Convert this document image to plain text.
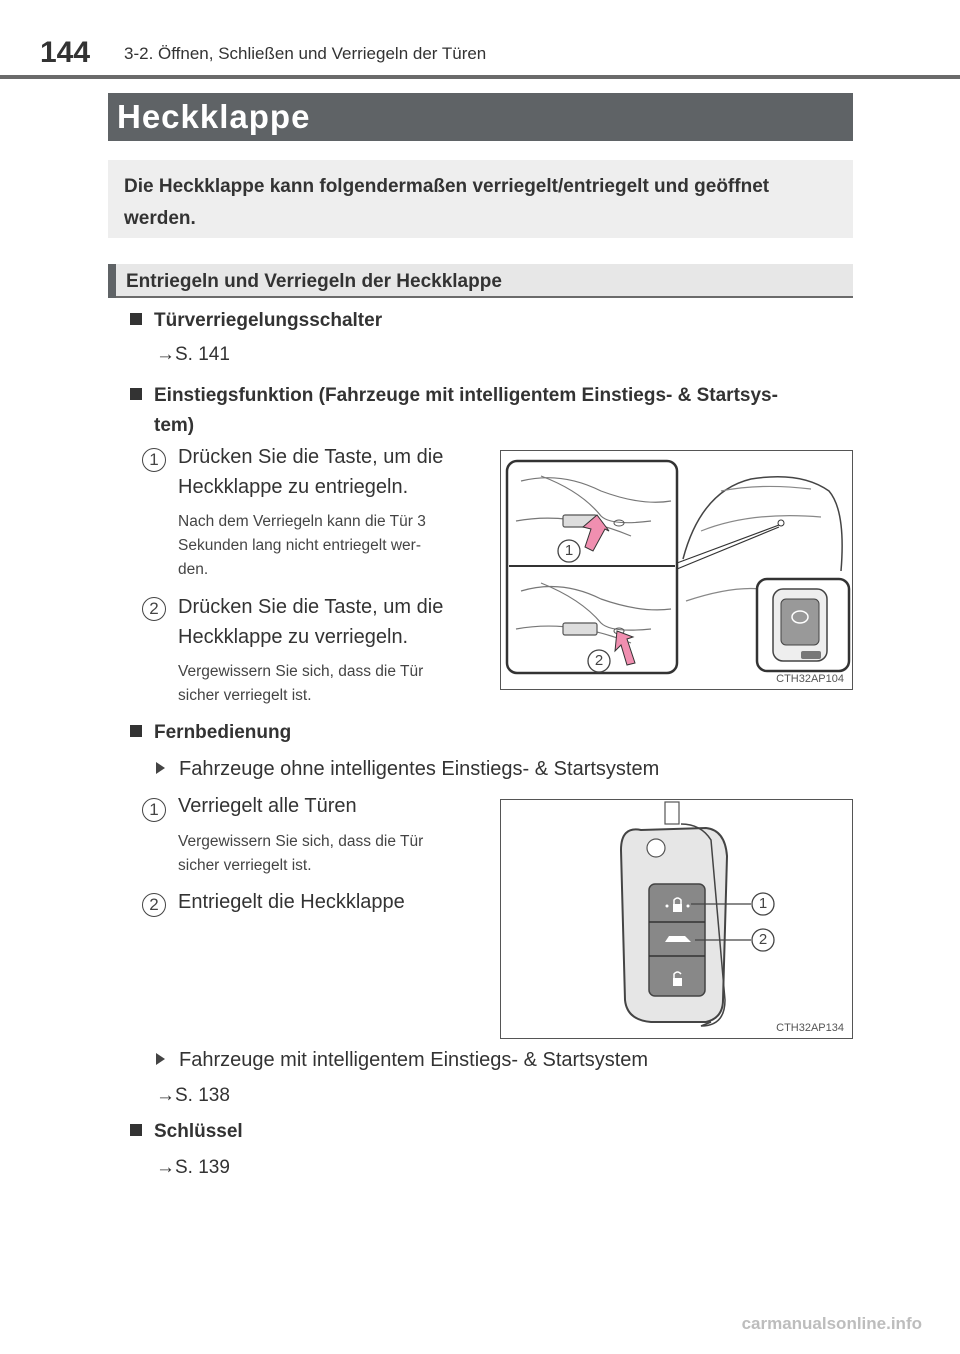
144 3-2. Öffnen, Schließen und Verriegeln der Türen
Heckklappe
Die Heckklappe kann folgendermaßen verriegelt/entriegelt und geöffnet werden.
Entriegeln und Verriegeln der Heckklappe
Türverriegelungsschalter
→S. 141
Einstiegsfunktion (Fahrzeuge mit intelligentem Einstiegs- & Startsys-
tem)
1 Drücken Sie die Taste, um die
Heckklappe zu entriegeln.
Nach dem Verriegeln kann die Tür 3
Sekunden lang nicht entriegelt wer-
den.
2 Drücken Sie die Taste, um die
Heckklappe zu verriegeln.
Vergewissern Sie sich, dass die Tür
sicher verriegelt ist.
1
2
CTH32AP104
Fernbedienung
Fahrzeuge ohne intelligentes Einstiegs- & Startsystem
1 Verriegelt alle Türen
Vergewissern Sie sich, dass die Tür
sicher verriegelt ist.
2 Entriegelt die Heckklappe	1
2
CTH32AP134
Fahrzeuge mit intelligentem Einstiegs- & Startsystem
→S. 138
Schlüssel
→S. 139
carmanualsonline.info
